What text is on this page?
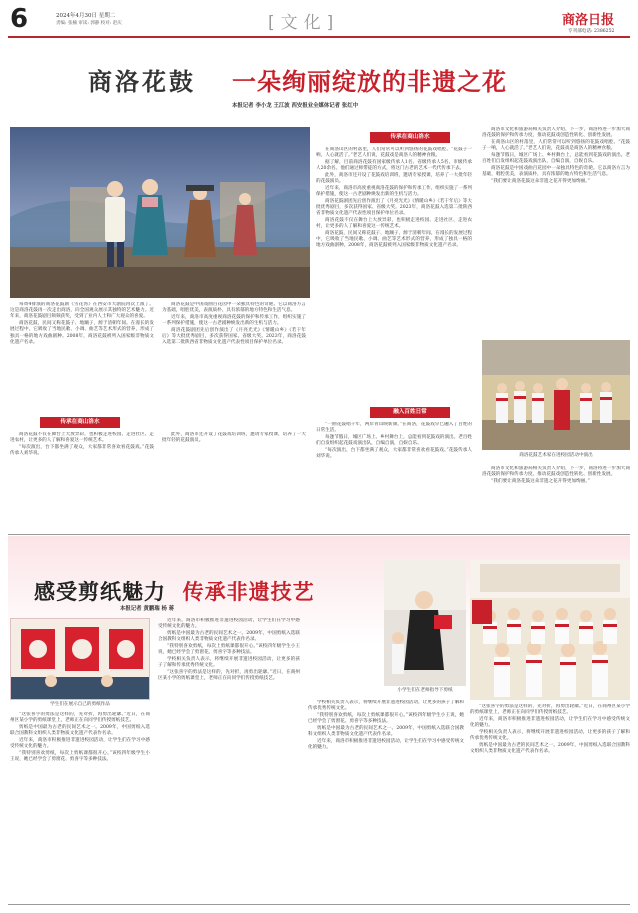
6	2024年4月30日 星期二
责编: 张楠 审读: 郭静 校对: 赵庆	[文化]	商洛日报
专刊部电话: 2386252
商洛花鼓 一朵绚丽绽放的非遗之花
本报记者 李小龙 王江波 西安报业全媒体记者 张红中

每周4排演的商洛花鼓剧《雪花汤》在西安市大剧院再次上演了。这是商洛花鼓再一次走出商洛，向全国观众展示其独特的艺术魅力。近年来，商洛花鼓剧目频频获奖，受到了业内人士和广大观众的喜爱。

商洛花鼓，民间又称花鼓子、地蹦子，源于清朝年间。在漫长的发展过程中，它吸收了当地民歌、小调、曲艺等艺术形式的营养，形成了独具一格的地方戏曲剧种。2008年，商洛花鼓被列入国家级非物质文化遗产名录。

商洛花鼓是中国戏曲百花园中一朵独具特色的奇葩。它以商洛方言为基础，唱腔优美，表演质朴，具有浓郁的地方特色和生活气息。

近年来，商洛市高度重视商洛花鼓的保护和传承工作，组织实施了一系列保护措施，使这一古老剧种焕发出新的生机与活力。

商洛花鼓剧团先后创作演出了《月亮光光》《情暖山乡》《若干年后》等大批优秀剧目，多次获得国家、省级大奖。2023年，商洛花鼓入选第二批陕西省非物质文化遗产代表性项目保护单位名录。

传承在商山洛水

商洛花鼓不仅在舞台上大放异彩，也积极走进校园、走进社区、走进农村，让更多的人了解和喜爱这一传统艺术。

“每次演出，台下都坐满了观众，大家都非常喜欢看花鼓戏。”花鼓传承人刘华说。

此外，商洛市还开设了花鼓戏培训班，邀请专家授课，培养了一大批年轻的花鼓演员。

传承在商山洛水

在商洛山区的村落里，人们常常可以听到悠扬的花鼓戏唱腔。“花鼓子一响，人心就活了。”老艺人们说，花鼓戏是商洛人的精神食粮。

据了解，目前商洛花鼓有国家级传承人1名、省级传承人5名、市级传承人20余名。他们通过师带徒的方式，将这门古老的艺术一代代传承下去。

此外，商洛市还开设了花鼓戏培训班，邀请专家授课，培养了一大批年轻的花鼓演员。

近年来，商洛市高度重视商洛花鼓的保护和传承工作，组织实施了一系列保护措施，使这一古老剧种焕发出新的生机与活力。

商洛花鼓剧团先后创作演出了《月亮光光》《情暖山乡》《若干年后》等大批优秀剧目，多次获得国家、省级大奖。2023年，商洛花鼓入选第二批陕西省非物质文化遗产代表性项目保护单位名录。

商洛花鼓不仅在舞台上大放异彩，也积极走进校园、走进社区、走进农村，让更多的人了解和喜爱这一传统艺术。

商洛花鼓，民间又称花鼓子、地蹦子，源于清朝年间。在漫长的发展过程中，它吸收了当地民歌、小调、曲艺等艺术形式的营养，形成了独具一格的地方戏曲剧种。2008年，商洛花鼓被列入国家级非物质文化遗产名录。

融入百姓日常

“一曲花鼓唱千年，两岸青山映新颜。”在商洛，花鼓戏早已融入了百姓的日常生活。

每逢节假日，城区广场上、乡村舞台上，总能看到花鼓戏的演出。老百姓们自发组织起花鼓戏演出队，自编自演，自娱自乐。

“每次演出，台下都坐满了观众，大家都非常喜欢看花鼓戏。”花鼓传承人刘华说。

商洛市文化和旅游局相关负责人介绍，下一步，商洛将进一步加大商洛花鼓的保护和传承力度，推动花鼓戏创造性转化、创新性发展。

在商洛山区的村落里，人们常常可以听到悠扬的花鼓戏唱腔。“花鼓子一响，人心就活了。”老艺人们说，花鼓戏是商洛人的精神食粮。

每逢节假日，城区广场上、乡村舞台上，总能看到花鼓戏的演出。老百姓们自发组织起花鼓戏演出队，自编自演，自娱自乐。

商洛花鼓是中国戏曲百花园中一朵独具特色的奇葩。它以商洛方言为基础，唱腔优美，表演质朴，具有浓郁的地方特色和生活气息。

“我们要让商洛花鼓这朵非遗之花开得更加绚丽。”

商洛花鼓艺术家在进校园活动中演出

商洛市文化和旅游局相关负责人介绍，下一步，商洛将进一步加大商洛花鼓的保护和传承力度，推动花鼓戏创造性转化、创新性发展。

“我们要让商洛花鼓这朵非遗之花开得更加绚丽。”

感受剪纸魅力 传承非遗技艺
本报记者 黄鹏瑞 杨 蒋
学生们在展示自己的剪纸作品

“这张喜字的剪法是这样的，先对折，再剪出轮廓。”近日，在商州区某小学的剪纸课堂上，老师正在向同学们传授剪纸技艺。

剪纸是中国最为古老的民间艺术之一。2009年，中国剪纸入选联合国教科文组织人类非物质文化遗产代表作名录。

近年来，商洛市积极推进非遗进校园活动，让学生们在学习中感受传统文化的魅力。

“我特别喜欢剪纸，每次上剪纸课都很开心。”该校四年级学生小王说，她已经学会了剪窗花、剪喜字等多种技法。

近年来，商洛市积极推进非遗进校园活动，让学生们在学习中感受传统文化的魅力。

剪纸是中国最为古老的民间艺术之一。2009年，中国剪纸入选联合国教科文组织人类非物质文化遗产代表作名录。

“我特别喜欢剪纸，每次上剪纸课都很开心。”该校四年级学生小王说，她已经学会了剪窗花、剪喜字等多种技法。

学校相关负责人表示，将继续开展非遗进校园活动，让更多的孩子了解和传承优秀传统文化。

“这张喜字的剪法是这样的，先对折，再剪出轮廓。”近日，在商州区某小学的剪纸课堂上，老师正在向同学们传授剪纸技艺。

学校相关负责人表示，将继续开展非遗进校园活动，让更多的孩子了解和传承优秀传统文化。

“我特别喜欢剪纸，每次上剪纸课都很开心。”该校四年级学生小王说，她已经学会了剪窗花、剪喜字等多种技法。

剪纸是中国最为古老的民间艺术之一。2009年，中国剪纸入选联合国教科文组织人类非物质文化遗产代表作名录。

近年来，商洛市积极推进非遗进校园活动，让学生们在学习中感受传统文化的魅力。

小学生们在老师指导下剪纸

“这张喜字的剪法是这样的，先对折，再剪出轮廓。”近日，在商州区某小学的剪纸课堂上，老师正在向同学们传授剪纸技艺。

近年来，商洛市积极推进非遗进校园活动，让学生们在学习中感受传统文化的魅力。

学校相关负责人表示，将继续开展非遗进校园活动，让更多的孩子了解和传承优秀传统文化。

剪纸是中国最为古老的民间艺术之一。2009年，中国剪纸入选联合国教科文组织人类非物质文化遗产代表作名录。
